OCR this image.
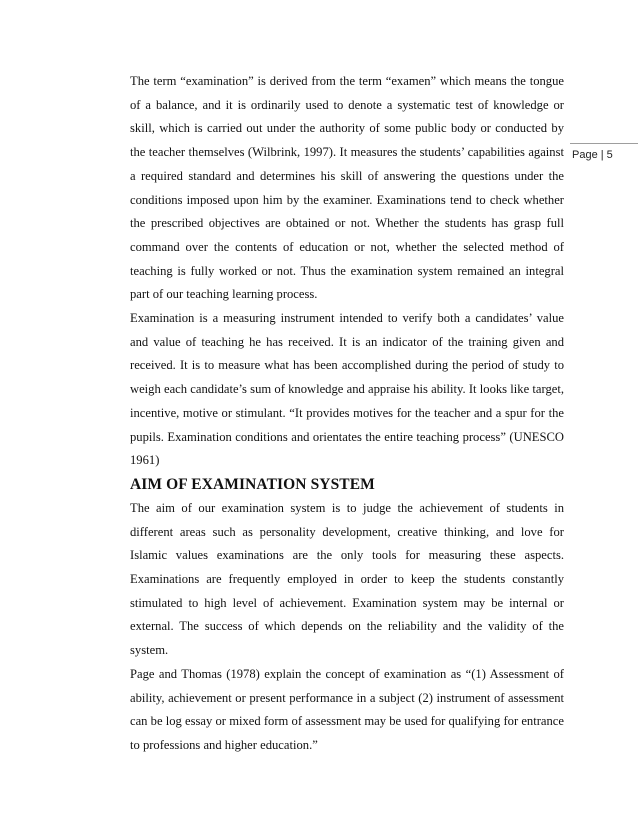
Page | 5

The term “examination” is derived from the term “examen” which means the tongue of a balance, and it is ordinarily used to denote a systematic test of knowledge or skill, which is carried out under the authority of some public body or conducted by the teacher themselves (Wilbrink, 1997). It measures the students’ capabilities against a required standard and determines his skill of answering the questions under the conditions imposed upon him by the examiner. Examinations tend to check whether the prescribed objectives are obtained or not. Whether the students has grasp full command over the contents of education or not, whether the selected method of teaching is fully worked or not. Thus the examination system remained an integral part of our teaching learning process.

Examination is a measuring instrument intended to verify both a candidates’ value and value of teaching he has received. It is an indicator of the training given and received. It is to measure what has been accomplished during the period of study to weigh each candidate’s sum of knowledge and appraise his ability. It looks like target, incentive, motive or stimulant. “It provides motives for the teacher and a spur for the pupils. Examination conditions and orientates the entire teaching process” (UNESCO 1961)

AIM OF EXAMINATION SYSTEM

The aim of our examination system is to judge the achievement of students in different areas such as personality development, creative thinking, and love for Islamic values examinations are the only tools for measuring these aspects. Examinations are frequently employed in order to keep the students constantly stimulated to high level of achievement. Examination system may be internal or external. The success of which depends on the reliability and the validity of the system.

Page and Thomas (1978) explain the concept of examination as “(1) Assessment of ability, achievement or present performance in a subject (2) instrument of assessment can be log essay or mixed form of assessment may be used for qualifying for entrance to professions and higher education.”
